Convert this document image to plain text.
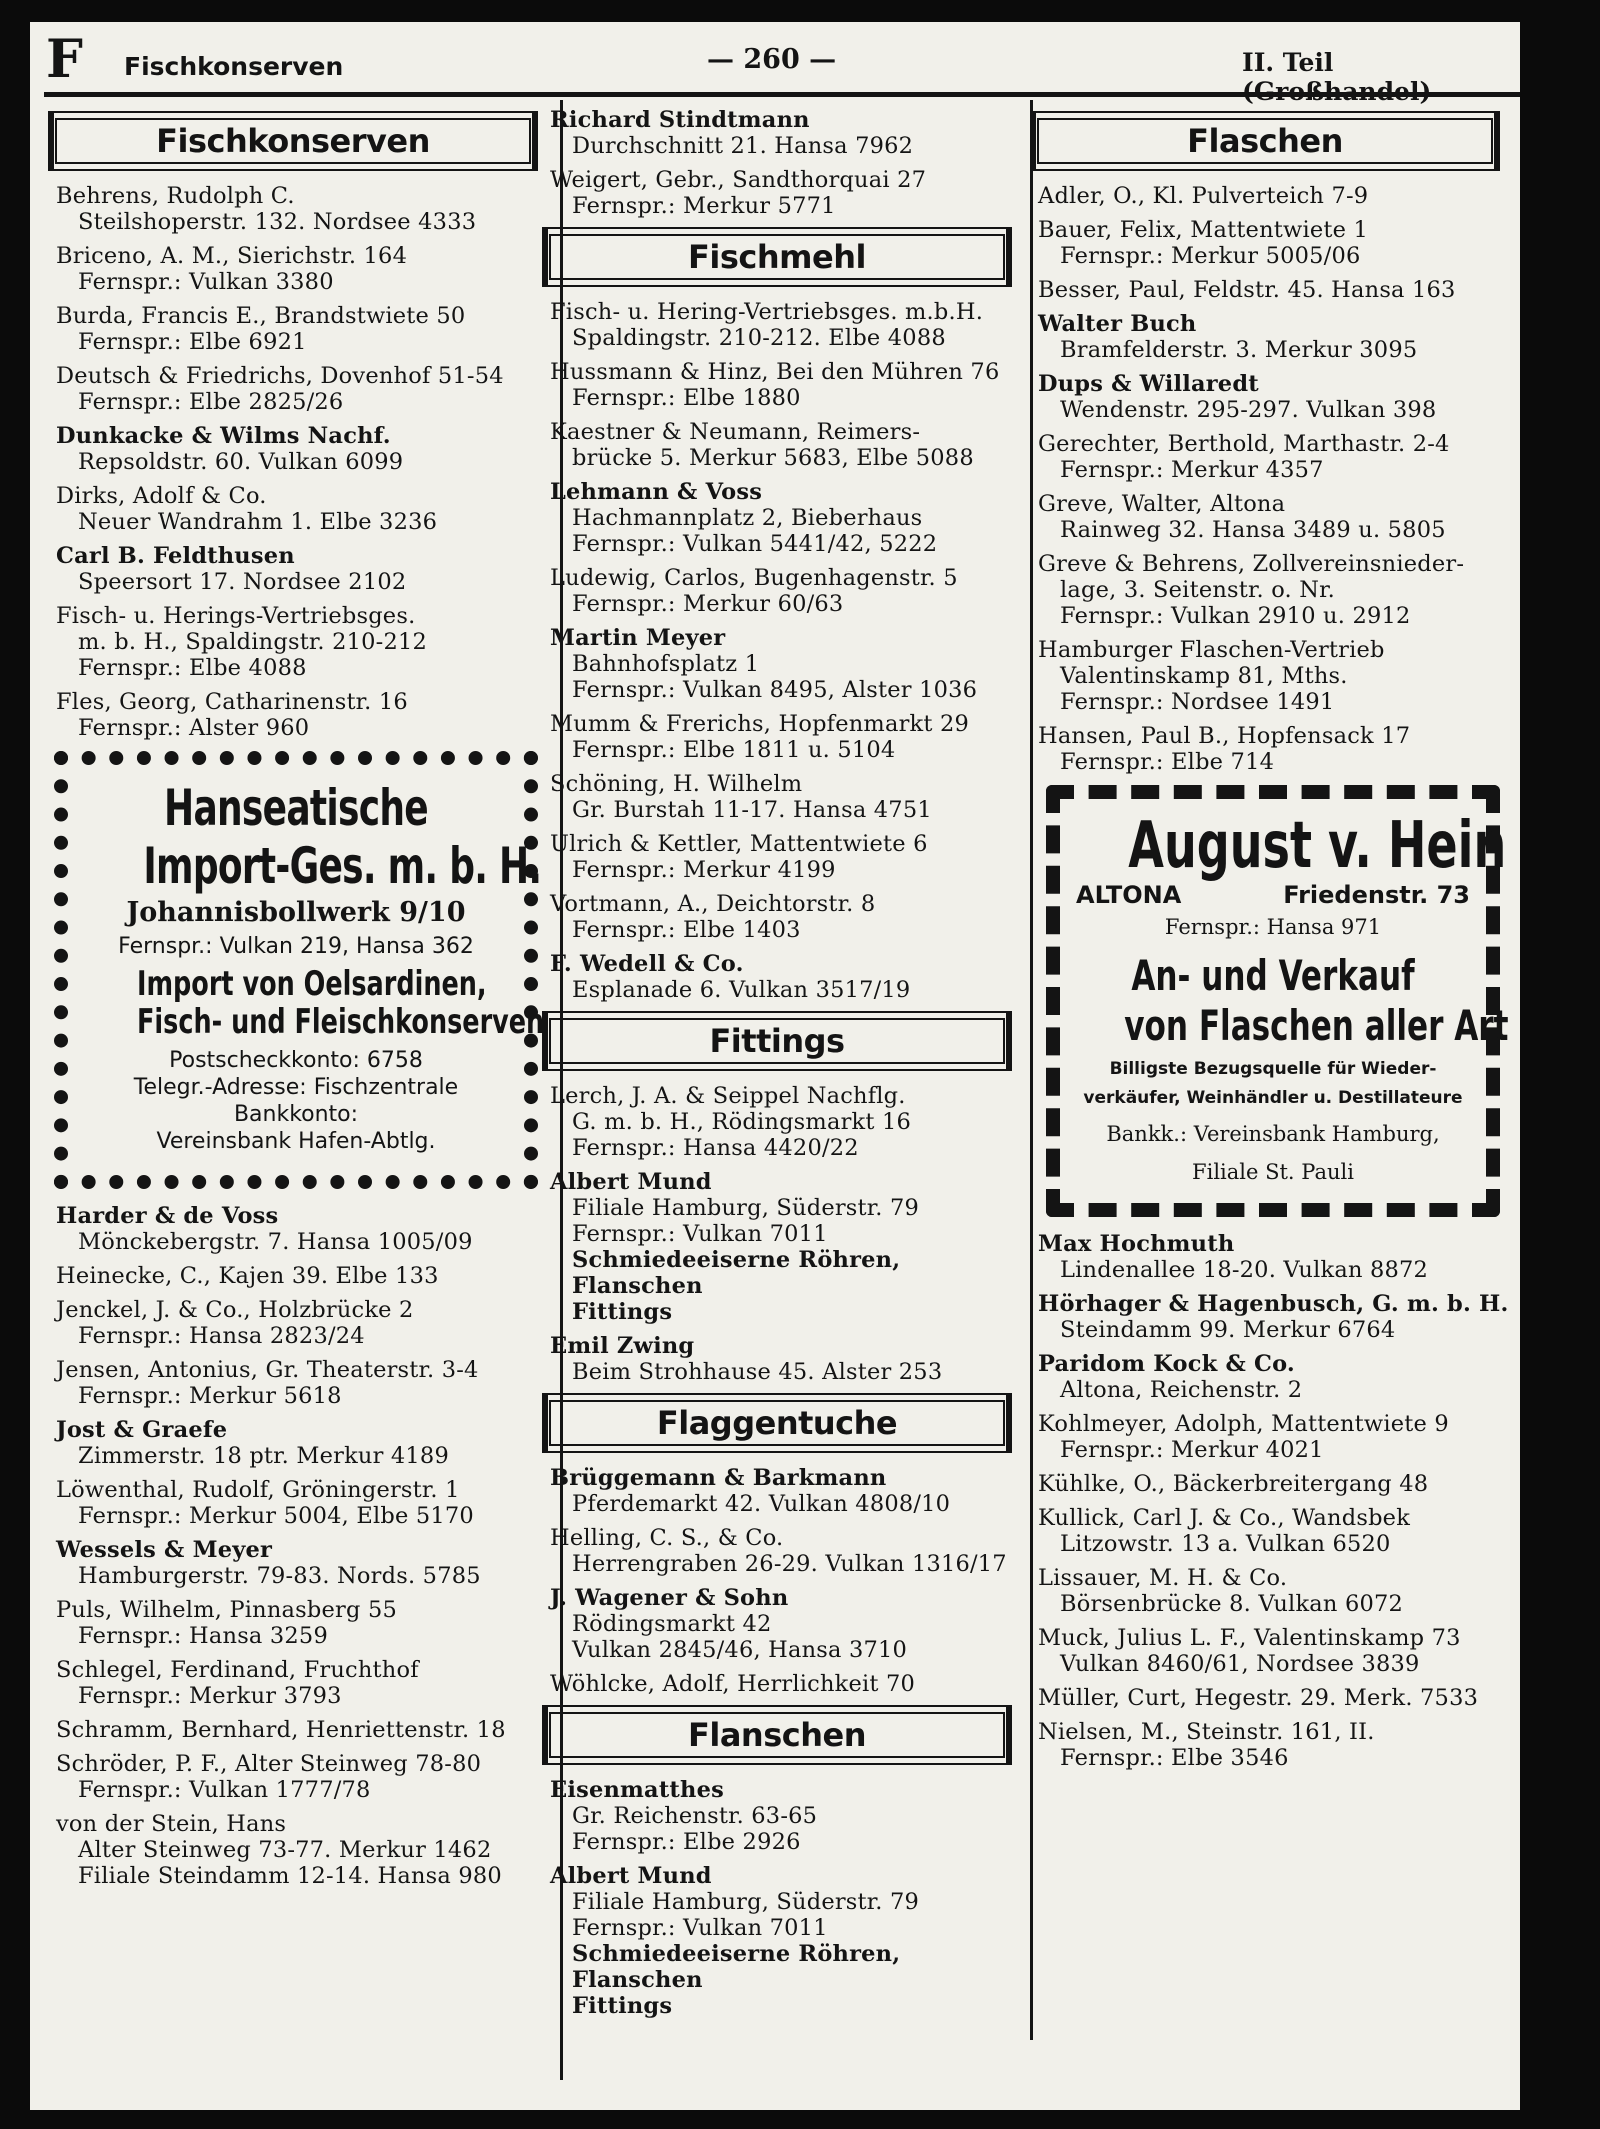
F Fischkonserven	— 260 —	II. Teil
Fischkonserven
Behrens, Rudolph C.
Steilshoperstr. 132. Nordsee 4333
Briceno, A. M., Sierichstr. 164
Fernspr.: Vulkan 3380
Burda, Francis E., Brandstwiete 50
Fernspr.: Elbe 6921
Deutsch & Friedrichs, Dovenhof 51-54
Fernspr.: Elbe 2825/26
Dunkacke & Wilms Nachf.
Repsoldstr. 60. Vulkan 6099
Dirks, Adolf & Co.
Neuer Wandrahm 1. Elbe 3236
Carl B. Feldthusen
Speersort 17. Nordsee 2102
Fisch- u. Herings-Vertriebsges.
m. b. H., Spaldingstr. 210-212
Fernspr.: Elbe 4088
Fles, Georg, Catharinenstr. 16
Fernspr.: Alster 960
Hanseatische
Import-Ges. m. b. H.
Johannisbollwerk 9/10
Fernspr.: Vulkan 219, Hansa 362
Import von Oelsardinen,
Fisch- und Fleischkonserven
Postscheckkonto: 6758
Telegr.-Adresse: Fischzentrale
Bankkonto:
Vereinsbank Hafen-Abtlg.
Harder & de Voss
Mönckebergstr. 7. Hansa 1005/09
Heinecke, C., Kajen 39. Elbe 133
Jenckel, J. & Co., Holzbrücke 2
Fernspr.: Hansa 2823/24
Jensen, Antonius, Gr. Theaterstr. 3-4
Fernspr.: Merkur 5618
Jost & Graefe
Zimmerstr. 18 ptr. Merkur 4189
Löwenthal, Rudolf, Gröningerstr. 1
Fernspr.: Merkur 5004, Elbe 5170
Wessels & Meyer
Hamburgerstr. 79-83. Nords. 5785
Puls, Wilhelm, Pinnasberg 55
Fernspr.: Hansa 3259
Schlegel, Ferdinand, Fruchthof
Fernspr.: Merkur 3793
Schramm, Bernhard, Henriettenstr. 18
Schröder, P. F., Alter Steinweg 78-80
Fernspr.: Vulkan 1777/78
von der Stein, Hans
Alter Steinweg 73-77. Merkur 1462
Filiale Steindamm 12-14. Hansa 980
Richard Stindtmann
Durchschnitt 21. Hansa 7962
Weigert, Gebr., Sandthorquai 27
Fernspr.: Merkur 5771
Fischmehl
Fisch- u. Hering-Vertriebsges. m.b.H.
Spaldingstr. 210-212. Elbe 4088
Hussmann & Hinz, Bei den Mühren 76
Fernspr.: Elbe 1880
Kaestner & Neumann, Reimers-
brücke 5. Merkur 5683, Elbe 5088
Lehmann & Voss
Hachmannplatz 2, Bieberhaus
Fernspr.: Vulkan 5441/42, 5222
Ludewig, Carlos, Bugenhagenstr. 5
Fernspr.: Merkur 60/63
Martin Meyer
Bahnhofsplatz 1
Fernspr.: Vulkan 8495, Alster 1036
Mumm & Frerichs, Hopfenmarkt 29
Fernspr.: Elbe 1811 u. 5104
Schöning, H. Wilhelm
Gr. Burstah 11-17. Hansa 4751
Ulrich & Kettler, Mattentwiete 6
Fernspr.: Merkur 4199
Vortmann, A., Deichtorstr. 8
Fernspr.: Elbe 1403
F. Wedell & Co.
Esplanade 6. Vulkan 3517/19
Fittings
Lerch, J. A. & Seippel Nachflg.
G. m. b. H., Rödingsmarkt 16
Fernspr.: Hansa 4420/22
Albert Mund
Filiale Hamburg, Süderstr. 79
Fernspr.: Vulkan 7011
Schmiedeeiserne Röhren, Flanschen
Fittings
Emil Zwing
Beim Strohhause 45. Alster 253
Flaggentuche
Brüggemann & Barkmann
Pferdemarkt 42. Vulkan 4808/10
Helling, C. S., & Co.
Herrengraben 26-29. Vulkan 1316/17
J. Wagener & Sohn
Rödingsmarkt 42
Vulkan 2845/46, Hansa 3710
Wöhlcke, Adolf, Herrlichkeit 70
Flanschen
Eisenmatthes
Gr. Reichenstr. 63-65
Fernspr.: Elbe 2926
Albert Mund
Filiale Hamburg, Süderstr. 79
Fernspr.: Vulkan 7011
Schmiedeeiserne Röhren, Flanschen
Fittings
Flaschen
Adler, O., Kl. Pulverteich 7-9
Bauer, Felix, Mattentwiete 1
Fernspr.: Merkur 5005/06
Besser, Paul, Feldstr. 45. Hansa 163
Walter Buch
Bramfelderstr. 3. Merkur 3095
Dups & Willaredt
Wendenstr. 295-297. Vulkan 398
Gerechter, Berthold, Marthastr. 2-4
Fernspr.: Merkur 4357
Greve, Walter, Altona
Rainweg 32. Hansa 3489 u. 5805
Greve & Behrens, Zollvereinsnieder-
lage, 3. Seitenstr. o. Nr.
Fernspr.: Vulkan 2910 u. 2912
Hamburger Flaschen-Vertrieb
Valentinskamp 81, Mths.
Fernspr.: Nordsee 1491
Hansen, Paul B., Hopfensack 17
Fernspr.: Elbe 714
August v. Hein
ALTONA	Friedenstr. 73
Fernspr.: Hansa 971
An- und Verkauf
von Flaschen aller Art
Billigste Bezugsquelle für Wieder-
verkäufer, Weinhändler u. Destillateure
Bankk.: Vereinsbank Hamburg,
Filiale St. Pauli
Max Hochmuth
Lindenallee 18-20. Vulkan 8872
Hörhager & Hagenbusch, G. m. b. H.
Steindamm 99. Merkur 6764
Paridom Kock & Co.
Altona, Reichenstr. 2
Kohlmeyer, Adolph, Mattentwiete 9
Fernspr.: Merkur 4021
Kühlke, O., Bäckerbreitergang 48
Kullick, Carl J. & Co., Wandsbek
Litzowstr. 13 a. Vulkan 6520
Lissauer, M. H. & Co.
Börsenbrücke 8. Vulkan 6072
Muck, Julius L. F., Valentinskamp 73
Vulkan 8460/61, Nordsee 3839
Müller, Curt, Hegestr. 29. Merk. 7533
Nielsen, M., Steinstr. 161, II.
Fernspr.: Elbe 3546
